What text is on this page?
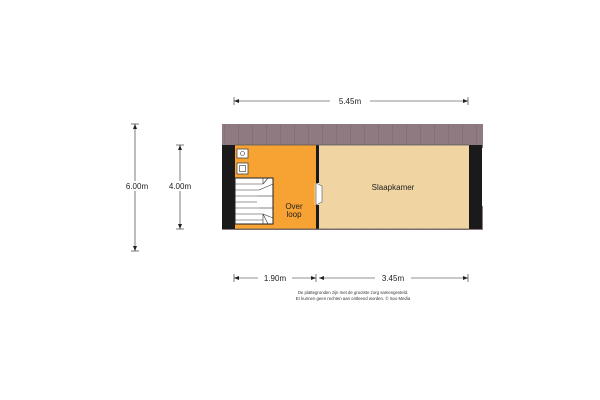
Over
loop
Slaapkamer
5.45m
1.90m	3.45m
6.00m	4.00m
De plattegronden zijn met de grootste zorg samengesteld.
Er kunnen geen rechten aan ontleend worden. © Soo Media
